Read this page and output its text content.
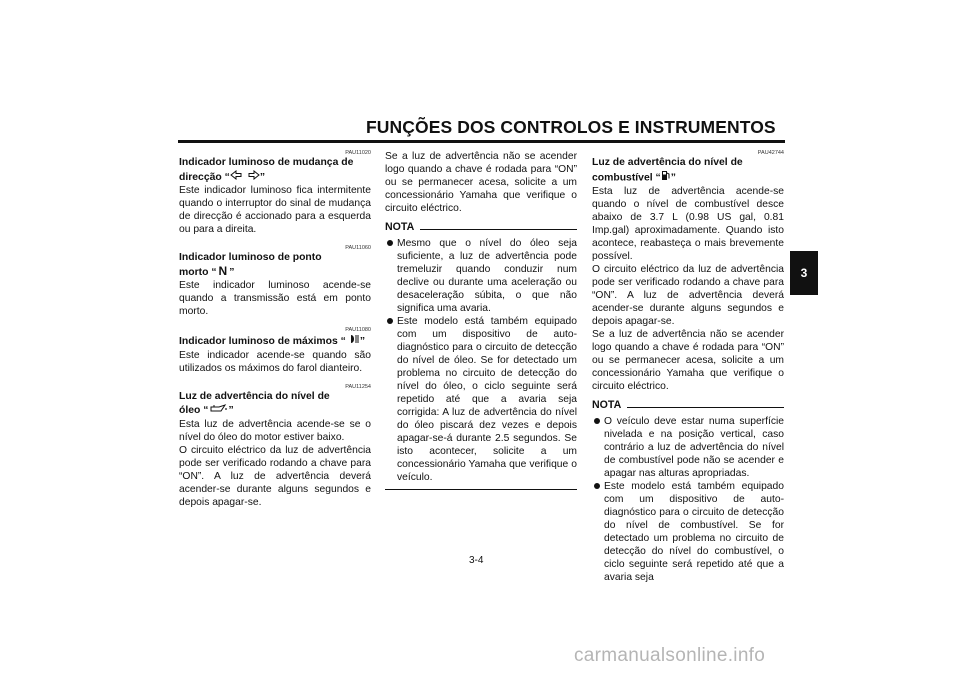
FUNÇÕES DOS CONTROLOS E INSTRUMENTOS
3
PAU11020
Indicador luminoso de mudança de
direcção “	”
Este indicador luminoso fica intermitente quando o interruptor do sinal de mudança de direcção é accionado para a esquerda ou para a direita.
PAU11060
Indicador luminoso de ponto
morto “ N ”
Este indicador luminoso acende-se quando a transmissão está em ponto morto.
PAU11080
Indicador luminoso de máximos “ ”
Este indicador acende-se quando são utilizados os máximos do farol dianteiro.
PAU11254
Luz de advertência do nível de
óleo “ ”
Esta luz de advertência acende-se se o nível do óleo do motor estiver baixo.
O circuito eléctrico da luz de advertência pode ser verificado rodando a chave para “ON”. A luz de advertência deverá acender-se durante alguns segundos e depois apagar-se.
Se a luz de advertência não se acender logo quando a chave é rodada para “ON” ou se permanecer acesa, solicite a um concessionário Yamaha que verifique o circuito eléctrico.
NOTA
Mesmo que o nível do óleo seja suficiente, a luz de advertência pode tremeluzir quando conduzir num declive ou durante uma aceleração ou desaceleração súbita, o que não significa uma avaria.
Este modelo está também equipado com um dispositivo de auto-diagnóstico para o circuito de detecção do nível de óleo. Se for detectado um problema no circuito de detecção do nível do óleo, o ciclo seguinte será repetido até que a avaria seja corrigida: A luz de advertência do nível do óleo piscará dez vezes e depois apagar-se-á durante 2.5 segundos. Se isto acontecer, solicite a um concessionário Yamaha que verifique o veículo.
PAU42744
Luz de advertência do nível de
combustível “ ”
Esta luz de advertência acende-se quando o nível de combustível desce abaixo de 3.7 L (0.98 US gal, 0.81 Imp.gal) aproximadamente. Quando isto acontece, reabasteça o mais brevemente possível.
O circuito eléctrico da luz de advertência pode ser verificado rodando a chave para “ON”. A luz de advertência deverá acender-se durante alguns segundos e depois apagar-se.
Se a luz de advertência não se acender logo quando a chave é rodada para “ON” ou se permanecer acesa, solicite a um concessionário Yamaha que verifique o circuito eléctrico.
NOTA
O veículo deve estar numa superfície nivelada e na posição vertical, caso contrário a luz de advertência do nível de combustível pode não se acender e apagar nas alturas apropriadas.
Este modelo está também equipado com um dispositivo de auto-diagnóstico para o circuito de detecção do nível de combustível. Se for detectado um problema no circuito de detecção do nível do combustível, o ciclo seguinte será repetido até que a avaria seja
3-4
carmanualsonline.info
